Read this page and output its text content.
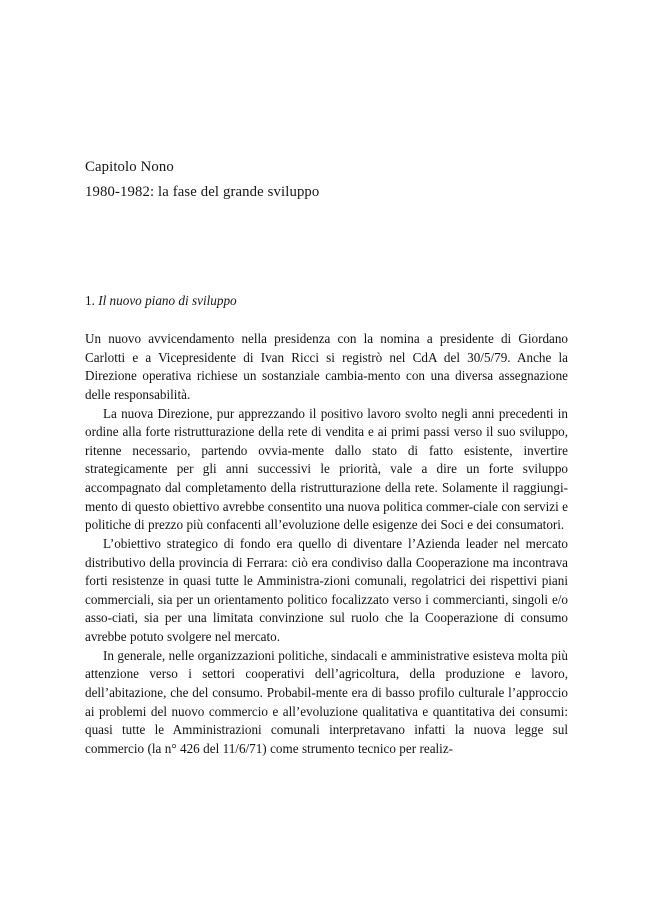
Capitolo Nono
1980-1982: la fase del grande sviluppo
1. Il nuovo piano di sviluppo

Un nuovo avvicendamento nella presidenza con la nomina a presidente di Giordano Carlotti e a Vicepresidente di Ivan Ricci si registrò nel CdA del 30/5/79. Anche la Direzione operativa richiese un sostanziale cambia-mento con una diversa assegnazione delle responsabilità.

La nuova Direzione, pur apprezzando il positivo lavoro svolto negli anni precedenti in ordine alla forte ristrutturazione della rete di vendita e ai primi passi verso il suo sviluppo, ritenne necessario, partendo ovvia-mente dallo stato di fatto esistente, invertire strategicamente per gli anni successivi le priorità, vale a dire un forte sviluppo accompagnato dal completamento della ristrutturazione della rete. Solamente il raggiungi-mento di questo obiettivo avrebbe consentito una nuova politica commer-ciale con servizi e politiche di prezzo più confacenti all’evoluzione delle esigenze dei Soci e dei consumatori.

L’obiettivo strategico di fondo era quello di diventare l’Azienda leader nel mercato distributivo della provincia di Ferrara: ciò era condiviso dalla Cooperazione ma incontrava forti resistenze in quasi tutte le Amministra-zioni comunali, regolatrici dei rispettivi piani commerciali, sia per un orientamento politico focalizzato verso i commercianti, singoli e/o asso-ciati, sia per una limitata convinzione sul ruolo che la Cooperazione di consumo avrebbe potuto svolgere nel mercato.

In generale, nelle organizzazioni politiche, sindacali e amministrative esisteva molta più attenzione verso i settori cooperativi dell’agricoltura, della produzione e lavoro, dell’abitazione, che del consumo. Probabil-mente era di basso profilo culturale l’approccio ai problemi del nuovo commercio e all’evoluzione qualitativa e quantitativa dei consumi: quasi tutte le Amministrazioni comunali interpretavano infatti la nuova legge sul commercio (la n° 426 del 11/6/71) come strumento tecnico per realiz-
